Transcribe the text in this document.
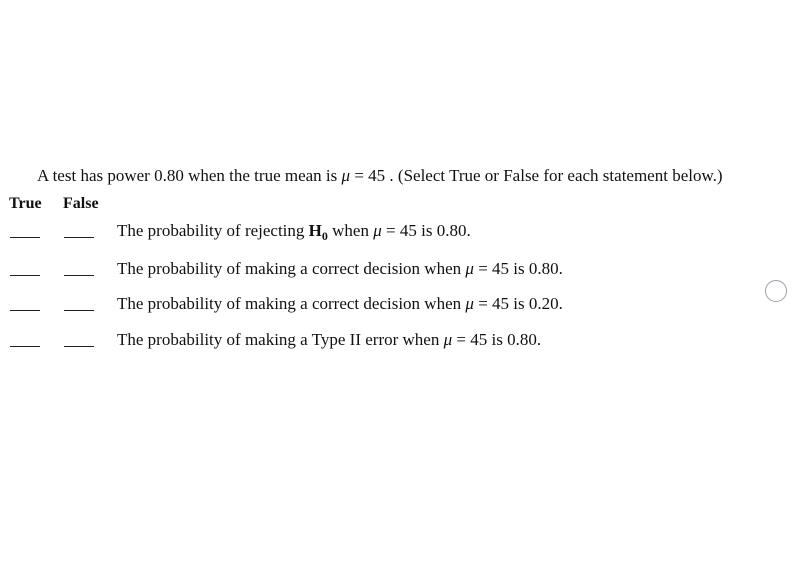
A test has power 0.80 when the true mean is μ = 45 . (Select True or False for each statement below.)
True False
The probability of rejecting $H_0$ when μ = 45 is 0.80.
The probability of making a correct decision when μ = 45 is 0.80.
The probability of making a correct decision when μ = 45 is 0.20.
The probability of making a Type II error when μ = 45 is 0.80.
